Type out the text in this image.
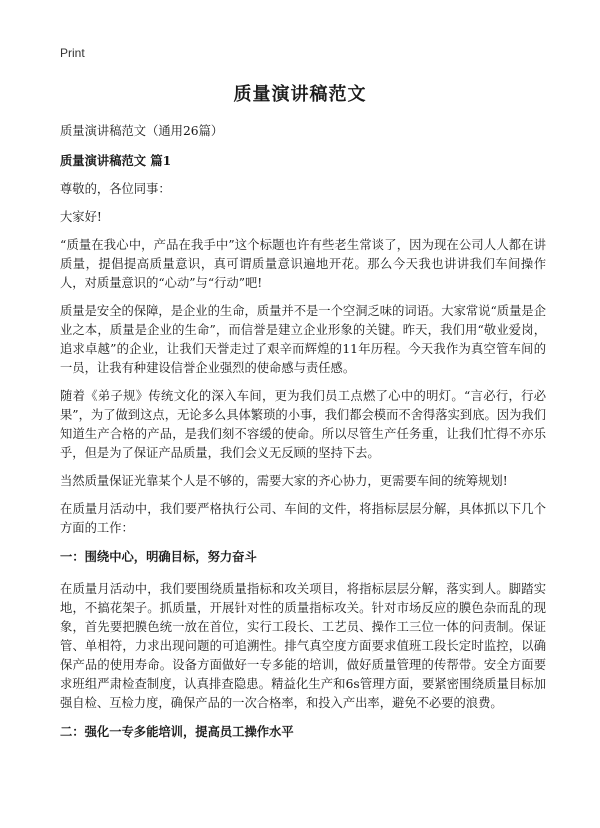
Print
质量演讲稿范文

质量演讲稿范文（通用26篇）

质量演讲稿范文 篇1

尊敬的，各位同事：

大家好!

“质量在我心中，产品在我手中”这个标题也许有些老生常谈了，因为现在公司人人都在讲质量，提倡提高质量意识，真可谓质量意识遍地开花。那么今天我也讲讲我们车间操作人，对质量意识的“心动”与“行动”吧!

质量是安全的保障，是企业的生命，质量并不是一个空洞乏味的词语。大家常说“质量是企业之本，质量是企业的生命”，而信誉是建立企业形象的关键。昨天，我们用“敬业爱岗，追求卓越”的企业，让我们天誉走过了艰辛而辉煌的11年历程。今天我作为真空管车间的一员，让我有种建设信誉企业强烈的使命感与责任感。

随着《弟子规》传统文化的深入车间，更为我们员工点燃了心中的明灯。“言必行，行必果”，为了做到这点，无论多么具体繁琐的小事，我们都会模而不舍得落实到底。因为我们知道生产合格的产品，是我们刻不容缓的使命。所以尽管生产任务重，让我们忙得不亦乐乎，但是为了保证产品质量，我们会义无反顾的坚持下去。

当然质量保证光靠某个人是不够的，需要大家的齐心协力，更需要车间的统筹规划!

在质量月活动中，我们要严格执行公司、车间的文件，将指标层层分解，具体抓以下几个方面的工作：

一：围绕中心，明确目标，努力奋斗

在质量月活动中，我们要围绕质量指标和攻关项目，将指标层层分解，落实到人。脚踏实地，不搞花架子。抓质量，开展针对性的质量指标攻关。针对市场反应的膜色杂而乱的现象，首先要把膜色统一放在首位，实行工段长、工艺员、操作工三位一体的问责制。保证管、单相符，力求出现问题的可追溯性。排气真空度方面要求值班工段长定时监控，以确保产品的使用寿命。设备方面做好一专多能的培训，做好质量管理的传帮带。安全方面要求班组严肃检查制度，认真排查隐患。精益化生产和6s管理方面，要紧密围绕质量目标加强自检、互检力度，确保产品的一次合格率，和投入产出率，避免不必要的浪费。

二：强化一专多能培训，提高员工操作水平
